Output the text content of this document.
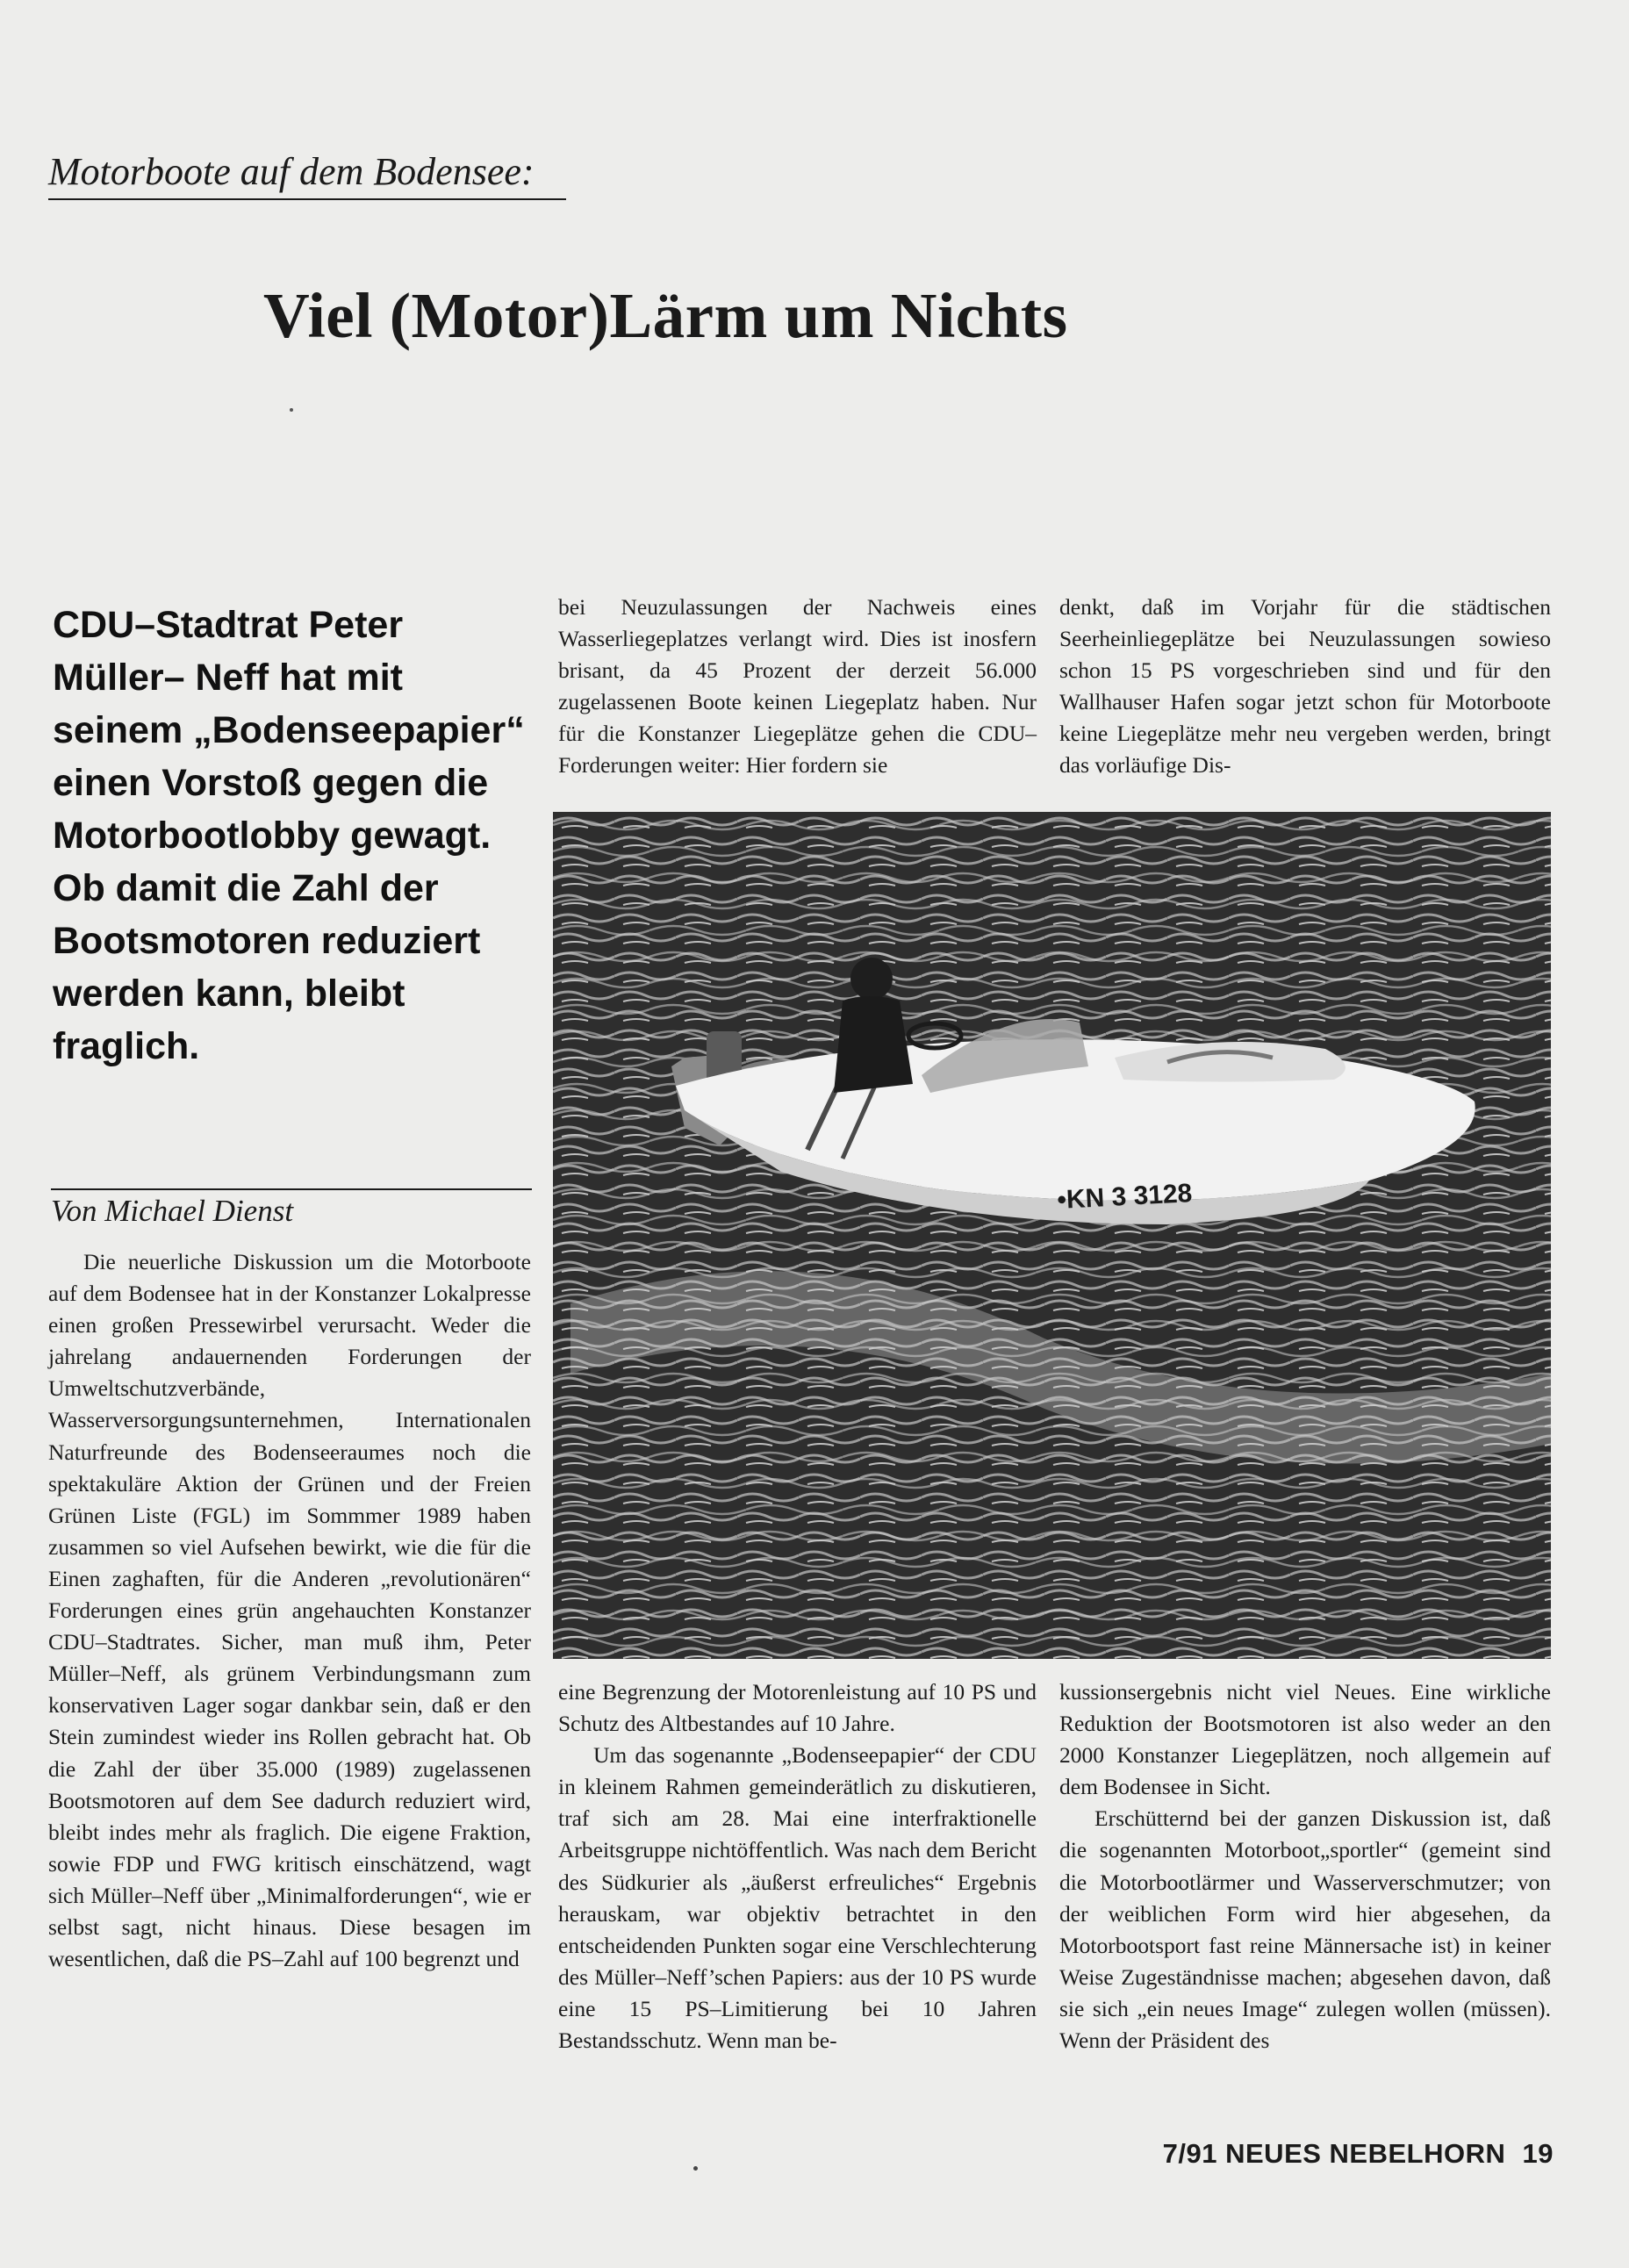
Motorboote auf dem Bodensee:
Viel (Motor)Lärm um Nichts
CDU–Stadtrat Peter Müller– Neff hat mit seinem „Bodenseepapier“ einen Vorstoß gegen die Motorbootlobby gewagt. Ob damit die Zahl der Bootsmotoren reduziert werden kann, bleibt fraglich.
Von Michael Dienst

Die neuerliche Diskussion um die Motorboote auf dem Bodensee hat in der Konstanzer Lokalpresse einen großen Pressewirbel verursacht. Weder die jahrelang andauernenden Forderungen der Umweltschutzverbände, Wasserversorgungsunternehmen, Internationalen Naturfreunde des Bodenseeraumes noch die spektakuläre Aktion der Grünen und der Freien Grünen Liste (FGL) im Sommmer 1989 haben zusammen so viel Aufsehen bewirkt, wie die für die Einen zaghaften, für die Anderen „revolutionären“ Forderungen eines grün angehauchten Konstanzer CDU–Stadtrates. Sicher, man muß ihm, Peter Müller–Neff, als grünem Verbindungsmann zum konservativen Lager sogar dankbar sein, daß er den Stein zumindest wieder ins Rollen gebracht hat. Ob die Zahl der über 35.000 (1989) zugelassenen Bootsmotoren auf dem See dadurch reduziert wird, bleibt indes mehr als fraglich. Die eigene Fraktion, sowie FDP und FWG kritisch einschätzend, wagt sich Müller–Neff über „Minimalforderungen“, wie er selbst sagt, nicht hinaus. Diese besagen im wesentlichen, daß die PS–Zahl auf 100 begrenzt und

bei Neuzulassungen der Nachweis eines Wasserliegeplatzes verlangt wird. Dies ist inosfern brisant, da 45 Prozent der derzeit 56.000 zugelassenen Boote keinen Liegeplatz haben. Nur für die Konstanzer Liegeplätze gehen die CDU–Forderungen weiter: Hier fordern sie

denkt, daß im Vorjahr für die städtischen Seerheinliegeplätze bei Neuzulassungen sowieso schon 15 PS vorgeschrieben sind und für den Wallhauser Hafen sogar jetzt schon für Motorboote keine Liegeplätze mehr neu vergeben werden, bringt das vorläufige Dis-

•KN 3 3128

eine Begrenzung der Motorenleistung auf 10 PS und Schutz des Altbestandes auf 10 Jahre.

Um das sogenannte „Bodenseepapier“ der CDU in kleinem Rahmen gemeinderätlich zu diskutieren, traf sich am 28. Mai eine interfraktionelle Arbeitsgruppe nichtöffentlich. Was nach dem Bericht des Südkurier als „äußerst erfreuliches“ Ergebnis herauskam, war objektiv betrachtet in den entscheidenden Punkten sogar eine Verschlechterung des Müller–Neff’schen Papiers: aus der 10 PS wurde eine 15 PS–Limitierung bei 10 Jahren Bestandsschutz. Wenn man be-

kussionsergebnis nicht viel Neues. Eine wirkliche Reduktion der Bootsmotoren ist also weder an den 2000 Konstanzer Liegeplätzen, noch allgemein auf dem Bodensee in Sicht.

Erschütternd bei der ganzen Diskussion ist, daß die sogenannten Motorboot„sportler“ (gemeint sind die Motorbootlärmer und Wasserverschmutzer; von der weiblichen Form wird hier abgesehen, da Motorbootsport fast reine Männersache ist) in keiner Weise Zugeständnisse machen; abgesehen davon, daß sie sich „ein neues Image“ zulegen wollen (müssen). Wenn der Präsident des

7/91 NEUES NEBELHORN 19
